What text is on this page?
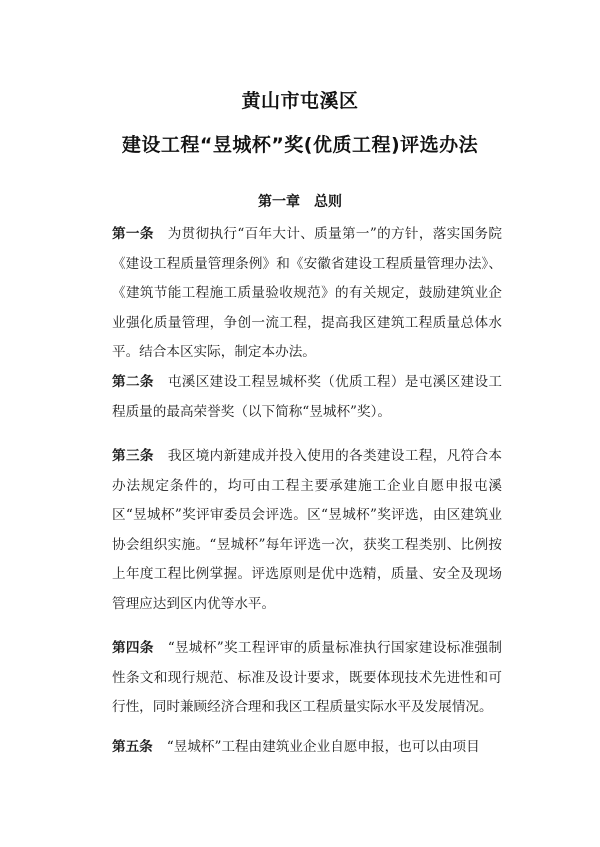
黄山市屯溪区
建设工程“昱城杯”奖(优质工程)评选办法
第一章　总则
第一条 为贯彻执行“百年大计、质量第一”的方针，落实国务院《建设工程质量管理条例》和《安徽省建设工程质量管理办法》、《建筑节能工程施工质量验收规范》的有关规定，鼓励建筑业企业强化质量管理，争创一流工程，提高我区建筑工程质量总体水平。结合本区实际，制定本办法。
第二条 屯溪区建设工程昱城杯奖（优质工程）是屯溪区建设工程质量的最高荣誉奖（以下简称“昱城杯”奖）。
第三条 我区境内新建成并投入使用的各类建设工程，凡符合本办法规定条件的，均可由工程主要承建施工企业自愿申报屯溪区“昱城杯”奖评审委员会评选。区“昱城杯”奖评选，由区建筑业协会组织实施。“昱城杯”每年评选一次，获奖工程类别、比例按上年度工程比例掌握。评选原则是优中选精，质量、安全及现场管理应达到区内优等水平。
第四条 “昱城杯”奖工程评审的质量标准执行国家建设标准强制性条文和现行规范、标准及设计要求，既要体现技术先进性和可行性，同时兼顾经济合理和我区工程质量实际水平及发展情况。
第五条 “昱城杯”工程由建筑业企业自愿申报，也可以由项目
